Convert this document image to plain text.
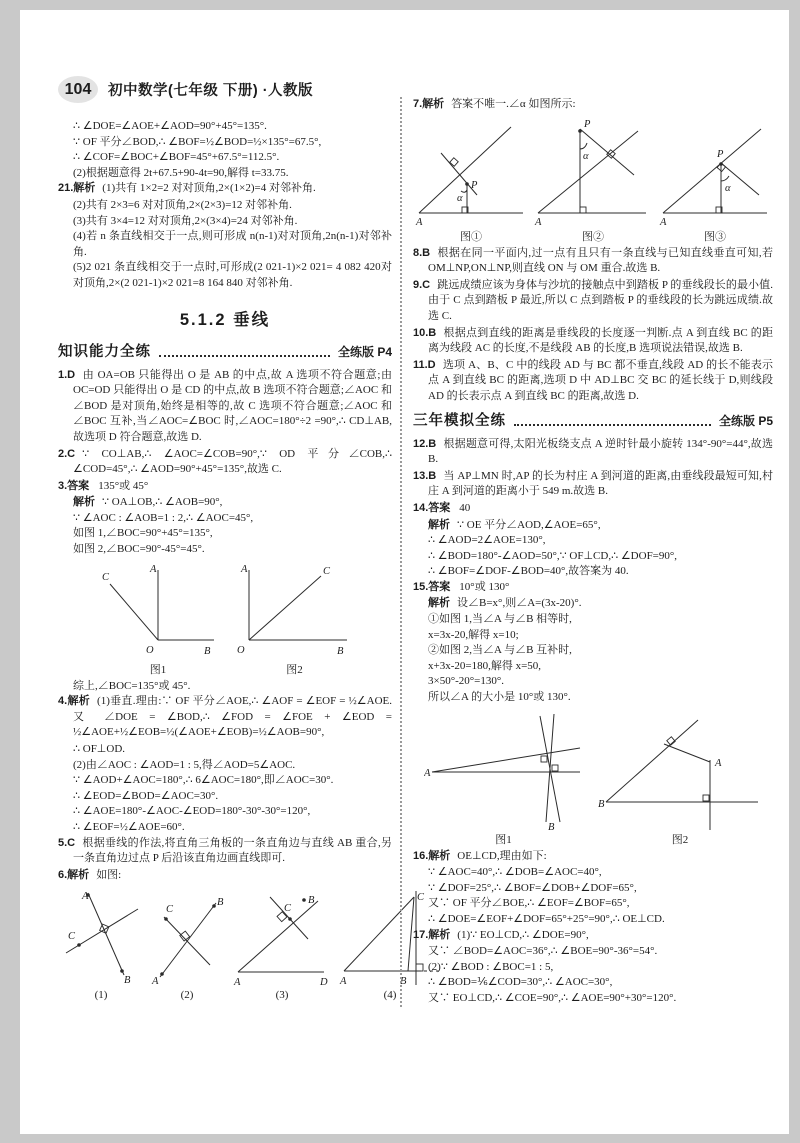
104	初中数学(七年级 下册) ·人教版
∴ ∠DOE=∠AOE+∠AOD=90°+45°=135°.
∵ OF 平分∠BOD,∴ ∠BOF=½∠BOD=½×135°=67.5°,
∴ ∠COF=∠BOC+∠BOF=45°+67.5°=112.5°.
(2)根据题意得 2t+67.5+90-4t=90,解得 t=33.75.
21.解析 (1)共有 1×2=2 对对顶角,2×(1×2)=4 对邻补角.
(2)共有 2×3=6 对对顶角,2×(2×3)=12 对邻补角.
(3)共有 3×4=12 对对顶角,2×(3×4)=24 对邻补角.
(4)若 n 条直线相交于一点,则可形成 n(n-1)对对顶角,2n(n-1)对邻补角.
(5)2 021 条直线相交于一点时,可形成(2 021-1)×2 021= 4 082 420对对顶角,2×(2 021-1)×2 021=8 164 840 对邻补角.
5.1.2 垂线
知识能力全练	全练版 P4
1.D 由 OA=OB 只能得出 O 是 AB 的中点,故 A 选项不符合题意;由 OC=OD 只能得出 O 是 CD 的中点,故 B 选项不符合题意;∠AOC 和∠BOD 是对顶角,始终是相等的,故 C 选项不符合题意;∠AOC 和∠BOC 互补,当∠AOC=∠BOC 时,∠AOC=180°÷2 =90°,∴ CD⊥AB,故选项 D 符合题意,故选 D.
2.C ∵ CO⊥AB,∴ ∠AOC=∠COB=90°,∵ OD 平分∠COB,∴ ∠COD=45°,∴ ∠AOD=90°+45°=135°,故选 C.
3.答案 135°或 45°
解析 ∵ OA⊥OB,∴ ∠AOB=90°,
∵ ∠AOC : ∠AOB=1 : 2,∴ ∠AOC=45°,
如图 1,∠BOC=90°+45°=135°,
如图 2,∠BOC=90°-45°=45°.
A
B
C
O
图1
A
B
C
O
图2
综上,∠BOC=135°或 45°.
4.解析 (1)垂直.理由:∵ OF 平分∠AOE,∴ ∠AOF = ∠EOF = ½∠AOE. 又 ∠DOE = ∠BOD,∴ ∠FOD = ∠FOE + ∠EOD = ½∠AOE+½∠EOB=½(∠AOE+∠EOB)=½∠AOB=90°,
∴ OF⊥OD.
(2)由∠AOC : ∠AOD=1 : 5,得∠AOD=5∠AOC.
∵ ∠AOD+∠AOC=180°,∴ 6∠AOC=180°,即∠AOC=30°.
∴ ∠EOD=∠BOD=∠AOC=30°.
∴ ∠AOE=180°-∠AOC-∠EOD=180°-30°-30°=120°,
∴ ∠EOF=½∠AOE=60°.
5.C 根据垂线的作法,将直角三角板的一条直角边与直线 AB 重合,另一条直角边过点 P 后沿该直角边画直线即可.
6.解析 如图:
A
B
C
(1)
A
B
C
(2)
C
B
A	D
(3)
C
A	B
(4)
7.解析 答案不唯一.∠α 如图所示:
α
P
A
图①
P
α
A
图②
P
α
A
图③
8.B 根据在同一平面内,过一点有且只有一条直线与已知直线垂直可知,若 OM⊥NP,ON⊥NP,则直线 ON 与 OM 重合.故选 B.
9.C 跳远成绩应该为身体与沙坑的接触点中到踏板 P 的垂线段长的最小值.由于 C 点到踏板 P 最近,所以 C 点到踏板 P 的垂线段的长为跳远成绩.故选 C.
10.B 根据点到直线的距离是垂线段的长度逐一判断.点 A 到直线 BC 的距离为线段 AC 的长度,不是线段 AB 的长度,B 选项说法错误,故选 B.
11.D 选项 A、B、C 中的线段 AD 与 BC 都不垂直,线段 AD 的长不能表示点 A 到直线 BC 的距离,选项 D 中 AD⊥BC 交 BC 的延长线于 D,则线段 AD 的长表示点 A 到直线 BC 的距离,故选 D.
三年模拟全练	全练版 P5
12.B 根据题意可得,太阳光板绕支点 A 逆时针最小旋转 134°-90°=44°,故选 B.
13.B 当 AP⊥MN 时,AP 的长为村庄 A 到河道的距离,由垂线段最短可知,村庄 A 到河道的距离小于 549 m.故选 B.
14.答案 40
解析 ∵ OE 平分∠AOD,∠AOE=65°,
∴ ∠AOD=2∠AOE=130°,
∴ ∠BOD=180°-∠AOD=50°,∵ OF⊥CD,∴ ∠DOF=90°,
∴ ∠BOF=∠DOF-∠BOD=40°,故答案为 40.
15.答案 10°或 130°
解析 设∠B=x°,则∠A=(3x-20)°.
①如图 1,当∠A 与∠B 相等时,
x=3x-20,解得 x=10;
②如图 2,当∠A 与∠B 互补时,
x+3x-20=180,解得 x=50,
3×50°-20°=130°.
所以∠A 的大小是 10°或 130°.
A
B
图1
A
B
图2
16.解析 OE⊥CD,理由如下:
∵ ∠AOC=40°,∴ ∠DOB=∠AOC=40°,
∵ ∠DOF=25°,∴ ∠BOF=∠DOB+∠DOF=65°,
又∵ OF 平分∠BOE,∴ ∠EOF=∠BOF=65°,
∴ ∠DOE=∠EOF+∠DOF=65°+25°=90°,∴ OE⊥CD.
17.解析 (1)∵ EO⊥CD,∴ ∠DOE=90°,
又∵ ∠BOD=∠AOC=36°,∴ ∠BOE=90°-36°=54°.
(2)∵ ∠BOD : ∠BOC=1 : 5,
∴ ∠BOD=⅙∠COD=30°,∴ ∠AOC=30°,
又∵ EO⊥CD,∴ ∠COE=90°,∴ ∠AOE=90°+30°=120°.
